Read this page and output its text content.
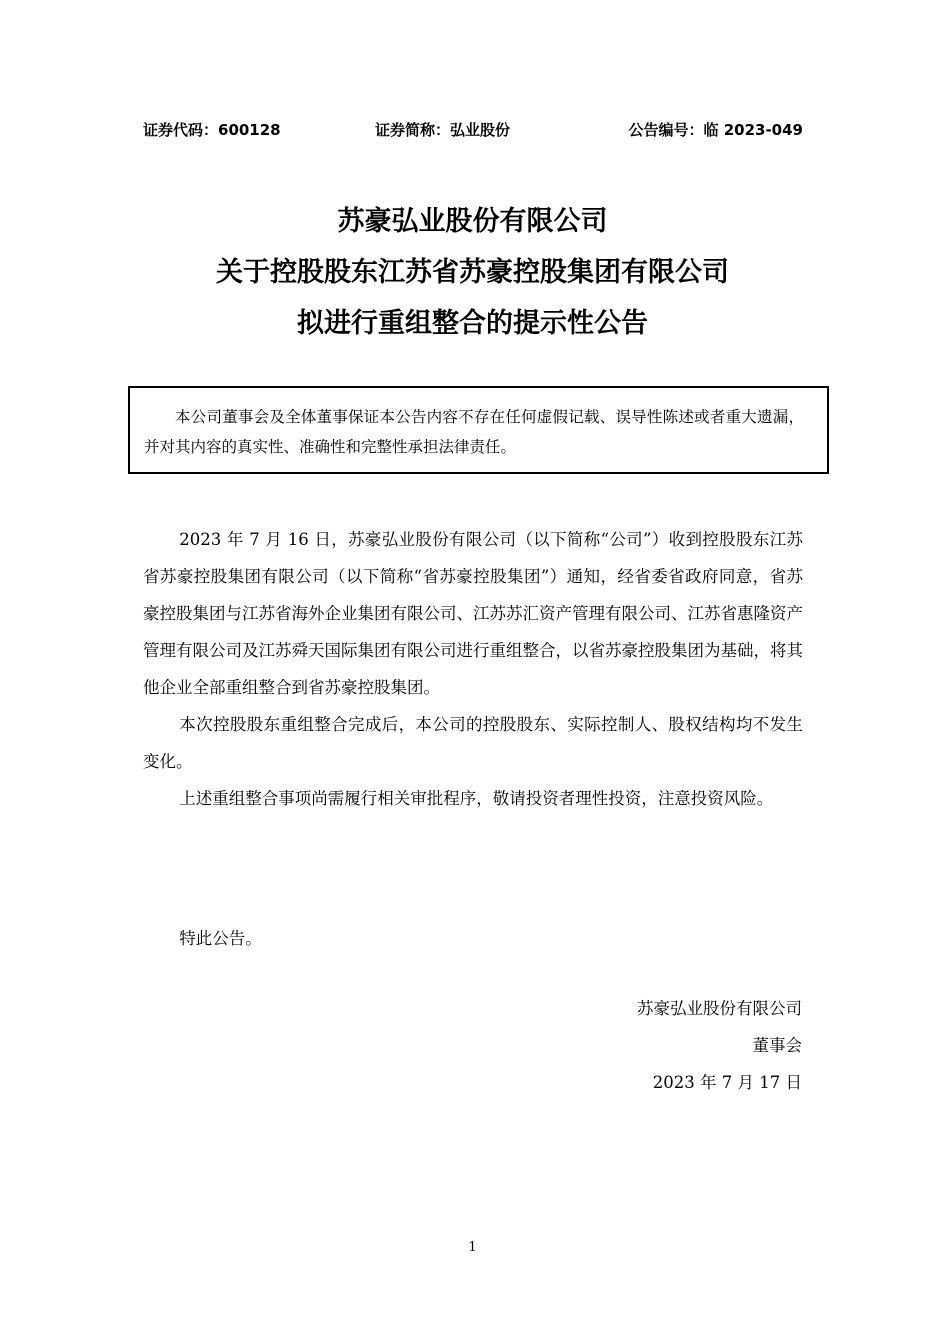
证券代码：600128	证券简称：弘业股份	公告编号：临 2023-049
苏豪弘业股份有限公司
关于控股股东江苏省苏豪控股集团有限公司
拟进行重组整合的提示性公告
本公司董事会及全体董事保证本公告内容不存在任何虚假记载、误导性陈述或者重大遗漏，并对其内容的真实性、准确性和完整性承担法律责任。
2023 年 7 月 16 日，苏豪弘业股份有限公司（以下简称“公司”）收到控股股东江苏省苏豪控股集团有限公司（以下简称“省苏豪控股集团”）通知，经省委省政府同意，省苏豪控股集团与江苏省海外企业集团有限公司、江苏苏汇资产管理有限公司、江苏省惠隆资产管理有限公司及江苏舜天国际集团有限公司进行重组整合，以省苏豪控股集团为基础，将其他企业全部重组整合到省苏豪控股集团。
本次控股股东重组整合完成后，本公司的控股股东、实际控制人、股权结构均不发生变化。
上述重组整合事项尚需履行相关审批程序，敬请投资者理性投资，注意投资风险。
特此公告。
苏豪弘业股份有限公司
董事会
2023 年 7 月 17 日
1
